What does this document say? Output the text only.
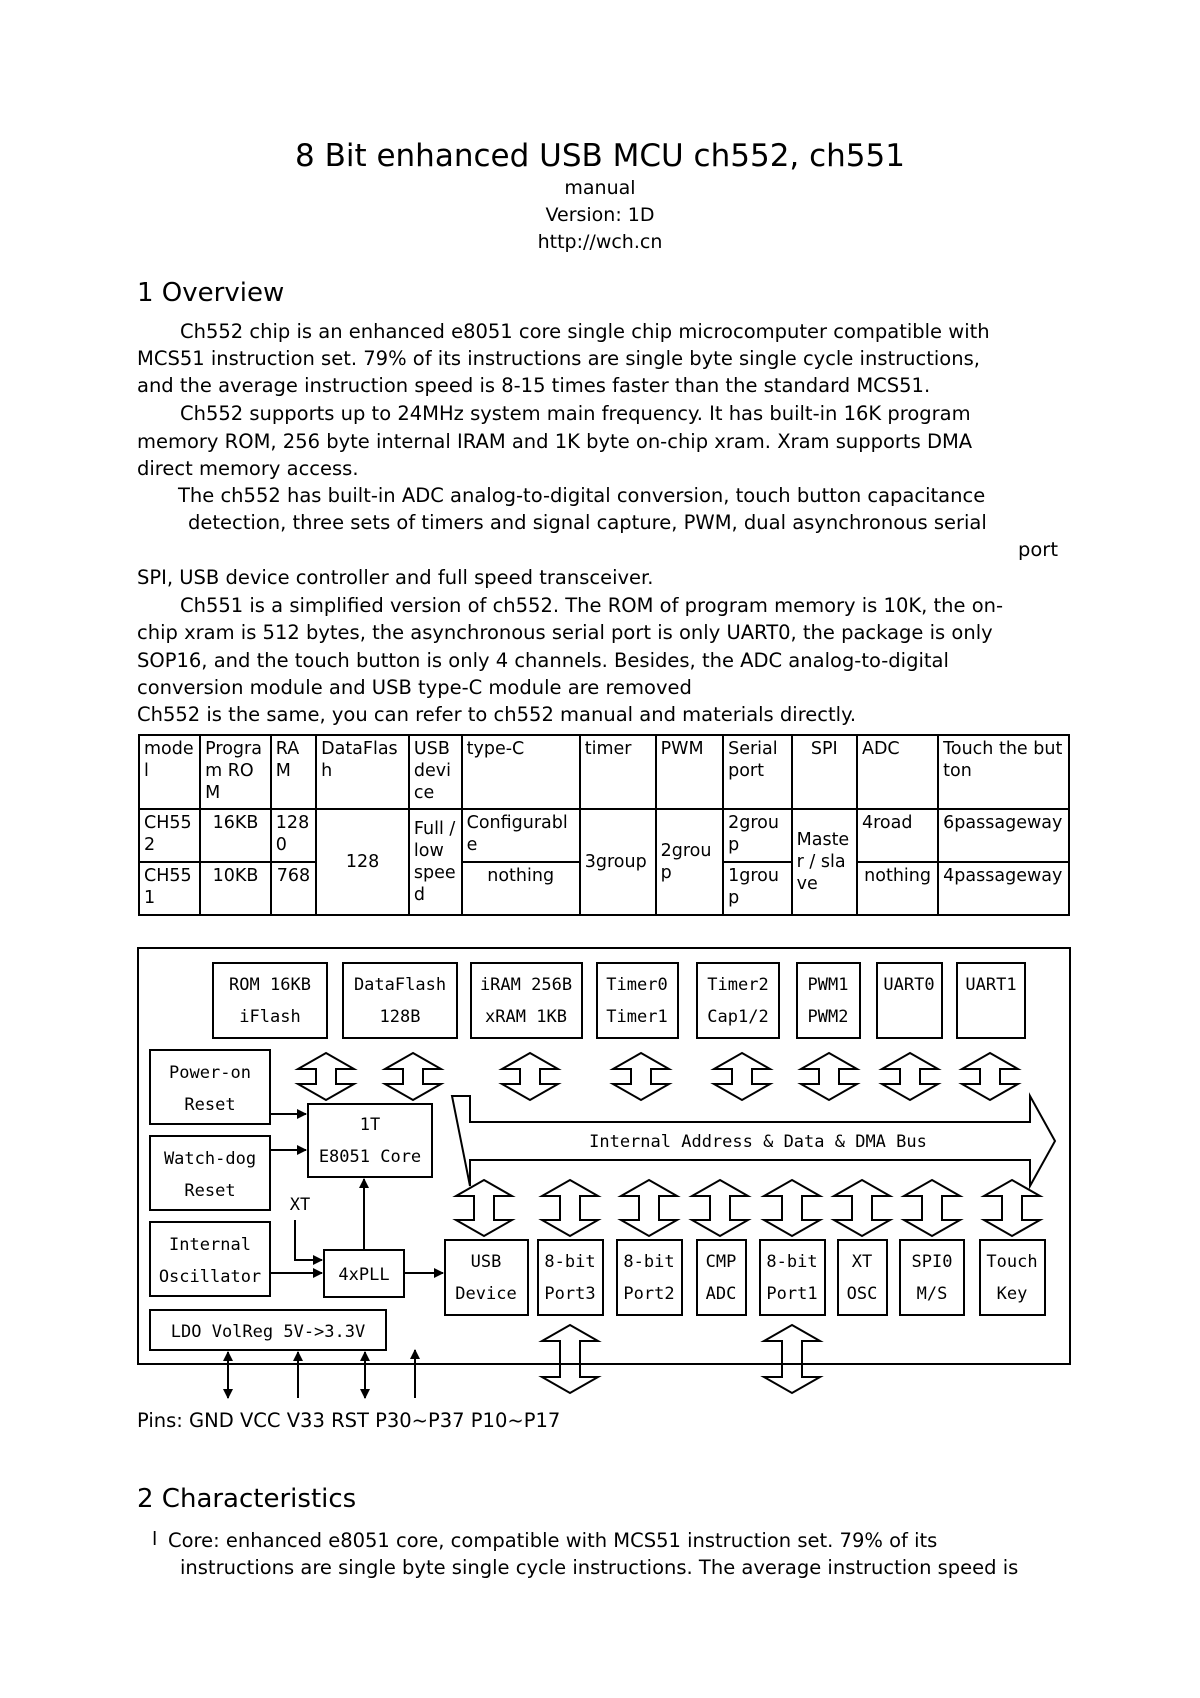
8 Bit enhanced USB MCU ch552, ch551
manual
Version: 1D
http://wch.cn
1 Overview
Ch552 chip is an enhanced e8051 core single chip microcomputer compatible with
MCS51 instruction set. 79% of its instructions are single byte single cycle instructions,
and the average instruction speed is 8-15 times faster than the standard MCS51.
Ch552 supports up to 24MHz system main frequency. It has built-in 16K program
memory ROM, 256 byte internal IRAM and 1K byte on-chip xram. Xram supports DMA
direct memory access.
The ch552 has built-in ADC analog-to-digital conversion, touch button capacitance
detection, three sets of timers and signal capture, PWM, dual asynchronous serial
port
SPI, USB device controller and full speed transceiver.
Ch551 is a simplified version of ch552. The ROM of program memory is 10K, the on-
chip xram is 512 bytes, the asynchronous serial port is only UART0, the package is only
SOP16, and the touch button is only 4 channels. Besides, the ADC analog-to-digital
conversion module and USB type-C module are removed
Ch552 is the same, you can refer to ch552 manual and materials directly.
model	Program ROM	RAM	DataFlash	USB device	type-C	timer	PWM	Serial port	SPI	ADC	Touch the button
CH552	16KB	1280	128	Full / low speed	Configurable	3group	2group	2group	Master / slave	4road	6passageway
CH551	10KB	768			nothing			1group		nothing	4passageway
ROM 16KB
iFlash
DataFlash
128B
iRAM 256B
xRAM 1KB
Timer0
Timer1
Timer2
Cap1/2
PWM1
PWM2
UART0 UART1
Power-on
Reset
Watch-dog
Reset
Internal
Oscillator
LDO VolReg 5V->3.3V
1T
E8051 Core
4xPLL
XT
Internal Address & Data & DMA Bus
USB
Device
8-bit
Port3
8-bit
Port2
CMP
ADC
8-bit
Port1
XT
OSC
SPI0
M/S
Touch
Key
Pins: GND VCC V33 RST P30~P37 P10~P17
2 Characteristics
l Core: enhanced e8051 core, compatible with MCS51 instruction set. 79% of its
instructions are single byte single cycle instructions. The average instruction speed is
